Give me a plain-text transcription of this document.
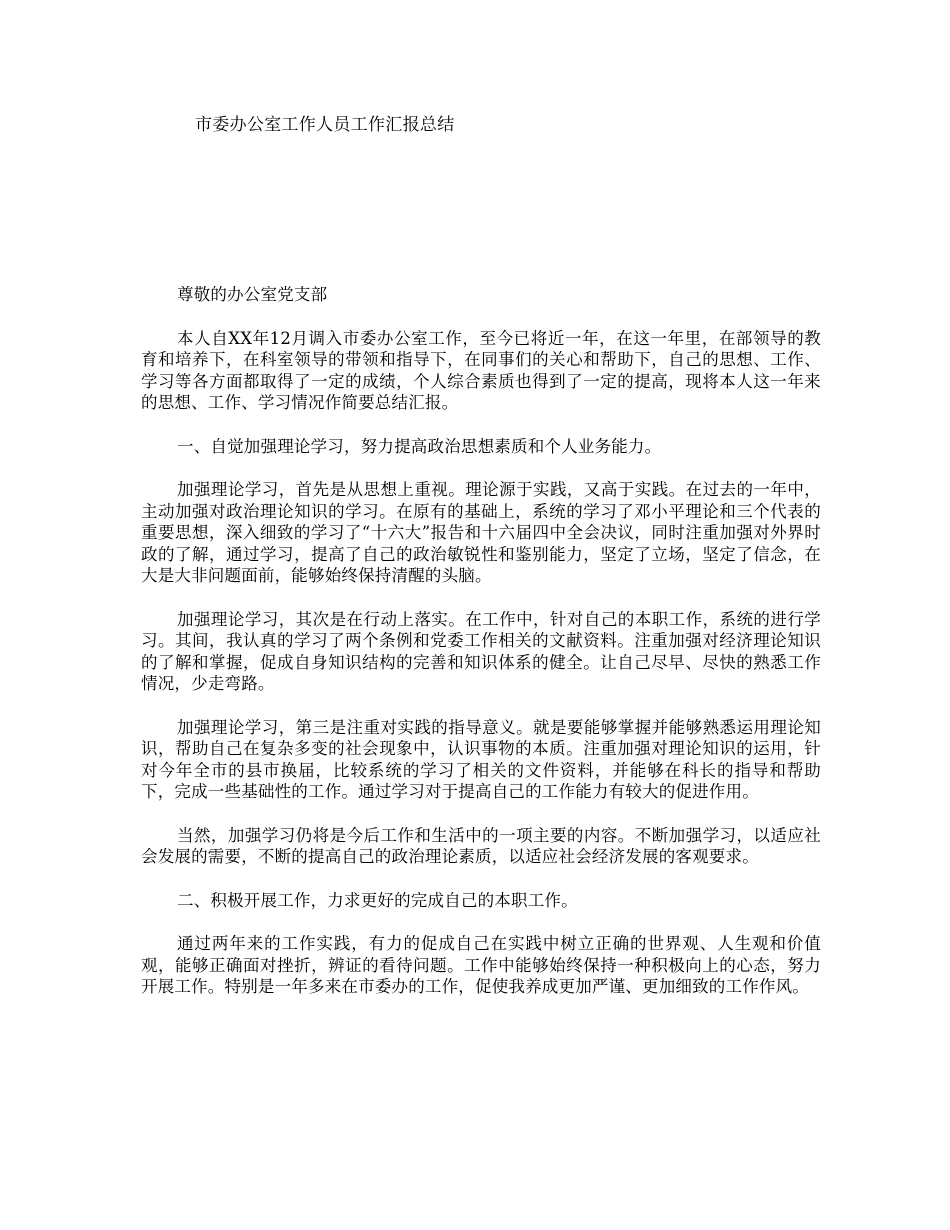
市委办公室工作人员工作汇报总结

尊敬的办公室党支部

本人自XX年12月调入市委办公室工作，至今已将近一年，在这一年里，在部领导的教育和培养下，在科室领导的带领和指导下，在同事们的关心和帮助下，自己的思想、工作、学习等各方面都取得了一定的成绩，个人综合素质也得到了一定的提高，现将本人这一年来的思想、工作、学习情况作简要总结汇报。

一、自觉加强理论学习，努力提高政治思想素质和个人业务能力。

加强理论学习，首先是从思想上重视。理论源于实践，又高于实践。在过去的一年中，主动加强对政治理论知识的学习。在原有的基础上，系统的学习了邓小平理论和三个代表的重要思想，深入细致的学习了“十六大”报告和十六届四中全会决议，同时注重加强对外界时政的了解，通过学习，提高了自己的政治敏锐性和鉴别能力，坚定了立场，坚定了信念，在大是大非问题面前，能够始终保持清醒的头脑。

加强理论学习，其次是在行动上落实。在工作中，针对自己的本职工作，系统的进行学习。其间，我认真的学习了两个条例和党委工作相关的文献资料。注重加强对经济理论知识的了解和掌握，促成自身知识结构的完善和知识体系的健全。让自己尽早、尽快的熟悉工作情况，少走弯路。

加强理论学习，第三是注重对实践的指导意义。就是要能够掌握并能够熟悉运用理论知识，帮助自己在复杂多变的社会现象中，认识事物的本质。注重加强对理论知识的运用，针对今年全市的县市换届，比较系统的学习了相关的文件资料，并能够在科长的指导和帮助下，完成一些基础性的工作。通过学习对于提高自己的工作能力有较大的促进作用。

当然，加强学习仍将是今后工作和生活中的一项主要的内容。不断加强学习，以适应社会发展的需要，不断的提高自己的政治理论素质，以适应社会经济发展的客观要求。

二、积极开展工作，力求更好的完成自己的本职工作。

通过两年来的工作实践，有力的促成自己在实践中树立正确的世界观、人生观和价值观，能够正确面对挫折，辨证的看待问题。工作中能够始终保持一种积极向上的心态，努力开展工作。特别是一年多来在市委办的工作，促使我养成更加严谨、更加细致的工作作风。
